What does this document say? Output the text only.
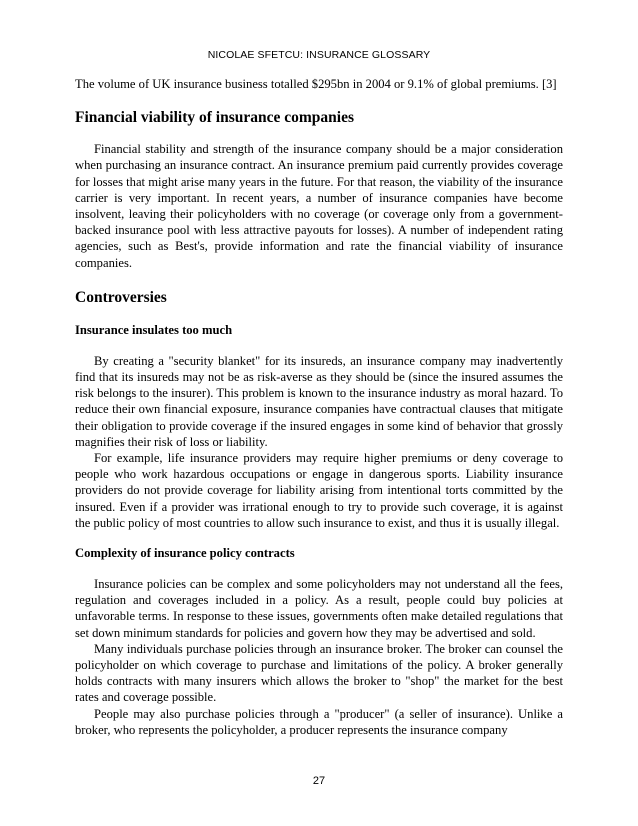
NICOLAE SFETCU: INSURANCE GLOSSARY

The volume of UK insurance business totalled $295bn in 2004 or 9.1% of global premiums. [3]

Financial viability of insurance companies

Financial stability and strength of the insurance company should be a major consideration when purchasing an insurance contract. An insurance premium paid currently provides coverage for losses that might arise many years in the future. For that reason, the viability of the insurance carrier is very important. In recent years, a number of insurance companies have become insolvent, leaving their policyholders with no coverage (or coverage only from a government-backed insurance pool with less attractive payouts for losses). A number of independent rating agencies, such as Best's, provide information and rate the financial viability of insurance companies.

Controversies
Insurance insulates too much

By creating a "security blanket" for its insureds, an insurance company may inadvertently find that its insureds may not be as risk-averse as they should be (since the insured assumes the risk belongs to the insurer). This problem is known to the insurance industry as moral hazard. To reduce their own financial exposure, insurance companies have contractual clauses that mitigate their obligation to provide coverage if the insured engages in some kind of behavior that grossly magnifies their risk of loss or liability.

For example, life insurance providers may require higher premiums or deny coverage to people who work hazardous occupations or engage in dangerous sports. Liability insurance providers do not provide coverage for liability arising from intentional torts committed by the insured. Even if a provider was irrational enough to try to provide such coverage, it is against the public policy of most countries to allow such insurance to exist, and thus it is usually illegal.

Complexity of insurance policy contracts

Insurance policies can be complex and some policyholders may not understand all the fees, regulation and coverages included in a policy. As a result, people could buy policies at unfavorable terms. In response to these issues, governments often make detailed regulations that set down minimum standards for policies and govern how they may be advertised and sold.

Many individuals purchase policies through an insurance broker. The broker can counsel the policyholder on which coverage to purchase and limitations of the policy. A broker generally holds contracts with many insurers which allows the broker to "shop" the market for the best rates and coverage possible.

People may also purchase policies through a "producer" (a seller of insurance). Unlike a broker, who represents the policyholder, a producer represents the insurance company

27
